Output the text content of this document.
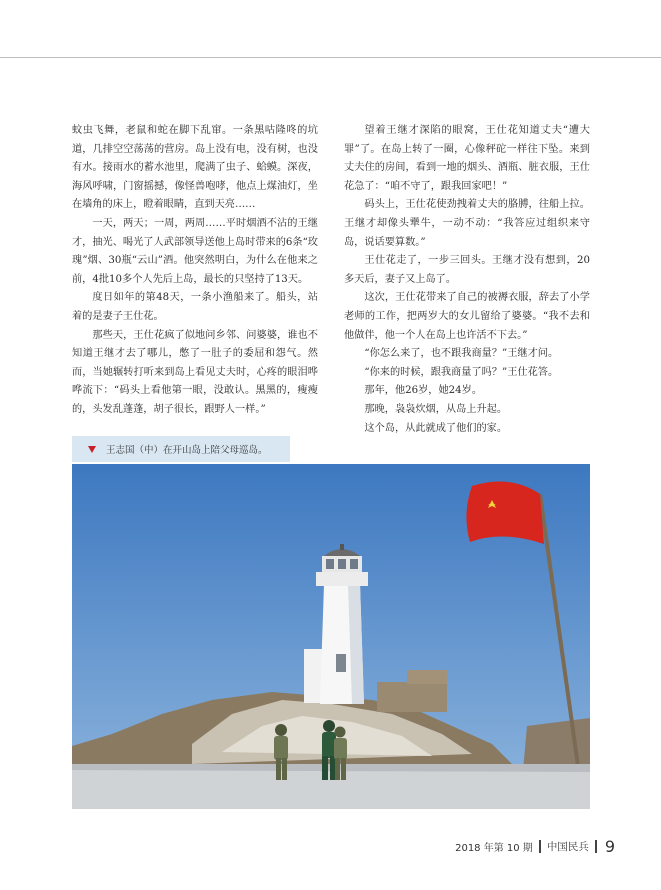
蚊虫飞舞，老鼠和蛇在脚下乱窜。一条黑咕隆咚的坑道，几排空空荡荡的营房。岛上没有电，没有树，也没有水。接雨水的蓄水池里，爬满了虫子、蛤蟆。深夜，海风呼啸，门窗摇撼，像怪兽咆哮，他点上煤油灯，坐在墙角的床上，瞪着眼睛，直到天亮……

一天，两天；一周，两周……平时烟酒不沾的王继才，抽光、喝光了人武部领导送他上岛时带来的6条“玫瑰”烟、30瓶“云山”酒。他突然明白，为什么在他来之前，4批10多个人先后上岛，最长的只坚持了13天。

度日如年的第48天，一条小渔船来了。船头，站着的是妻子王仕花。

那些天，王仕花疯了似地问乡邻、问婆婆，谁也不知道王继才去了哪儿，憋了一肚子的委屈和怨气。然而，当她辗转打听来到岛上看见丈夫时，心疼的眼泪哗哗流下：“码头上看他第一眼，没敢认。黑黑的，瘦瘦的，头发乱蓬蓬，胡子很长，跟野人一样。”

望着王继才深陷的眼窝，王仕花知道丈夫“遭大罪”了。在岛上转了一圈，心像秤砣一样往下坠。来到丈夫住的房间，看到一地的烟头、酒瓶、脏衣服，王仕花急了：“咱不守了，跟我回家吧！”

码头上，王仕花使劲拽着丈夫的胳膊，往船上拉。王继才却像头犟牛，一动不动：“我答应过组织来守岛，说话要算数。”

王仕花走了，一步三回头。王继才没有想到，20多天后，妻子又上岛了。

这次，王仕花带来了自己的被褥衣服，辞去了小学老师的工作，把两岁大的女儿留给了婆婆。“我不去和他做伴，他一个人在岛上也许活不下去。”

“你怎么来了，也不跟我商量？”王继才问。

“你来的时候，跟我商量了吗？”王仕花答。

那年，他26岁，她24岁。

那晚，袅袅炊烟，从岛上升起。

这个岛，从此就成了他们的家。

王志国（中）在开山岛上陪父母巡岛。
2018 年第 10 期 中国民兵 9
